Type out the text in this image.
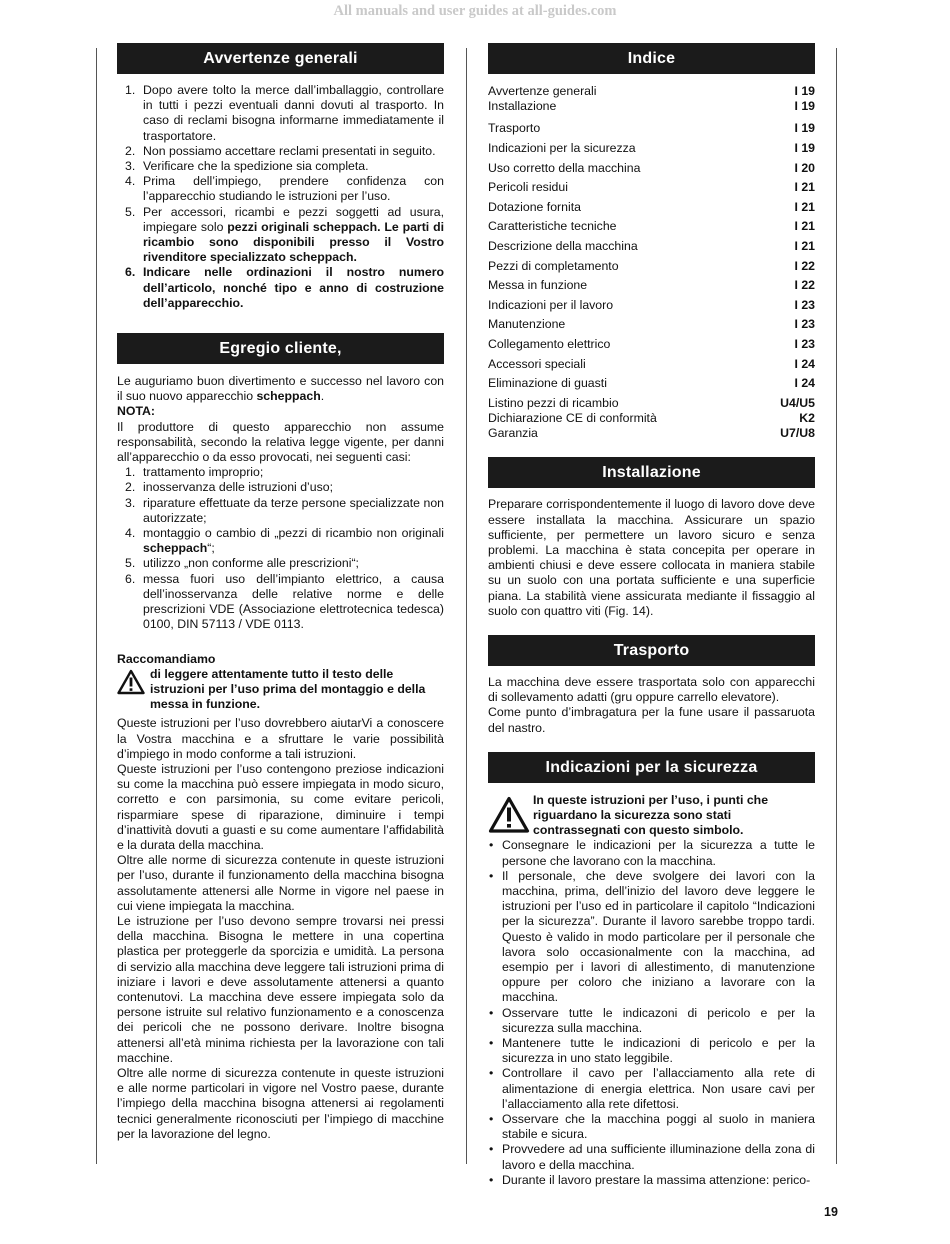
All manuals and user guides at all-guides.com
Avvertenze generali
1. Dopo avere tolto la merce dall’imballaggio, controllare in tutti i pezzi eventuali danni dovuti al trasporto. In caso di reclami bisogna informarne immediatamente il trasportatore.
2. Non possiamo accettare reclami presentati in seguito.
3. Verificare che la spedizione sia completa.
4. Prima dell’impiego, prendere confidenza con l’apparecchio studiando le istruzioni per l’uso.
5. Per accessori, ricambi e pezzi soggetti ad usura, impiegare solo pezzi originali scheppach. Le parti di ricambio sono disponibili presso il Vostro rivenditore specializzato scheppach.
6. Indicare nelle ordinazioni il nostro numero dell’articolo, nonché tipo e anno di costruzione dell’apparecchio.
Egregio cliente,

Le auguriamo buon divertimento e successo nel lavoro con il suo nuovo apparecchio scheppach.

NOTA:

Il produttore di questo apparecchio non assume responsabilità, secondo la relativa legge vigente, per danni all’apparecchio o da esso provocati, nei seguenti casi:

1. trattamento improprio;
2. inosservanza delle istruzioni d’uso;
3. riparature effettuate da terze persone specializzate non autorizzate;
4. montaggio o cambio di „pezzi di ricambio non originali scheppach“;
5. utilizzo „non conforme alle prescrizioni“;
6. messa fuori uso dell’impianto elettrico, a causa dell’inosservanza delle relative norme e delle prescrizioni VDE (Associazione elettrotecnica tedesca) 0100, DIN 57113 / VDE 0113.

Raccomandiamo

di leggere attentamente tutto il testo delle istruzioni per l’uso prima del montaggio e della messa in funzione.

Queste istruzioni per l’uso dovrebbero aiutarVi a conoscere la Vostra macchina e a sfruttare le varie possibilità d’impiego in modo conforme a tali istruzioni.

Queste istruzioni per l’uso contengono preziose indicazioni su come la macchina può essere impiegata in modo sicuro, corretto e con parsimonia, su come evitare pericoli, risparmiare spese di riparazione, diminuire i tempi d’inattività dovuti a guasti e su come aumentare l’affidabilità e la durata della macchina.

Oltre alle norme di sicurezza contenute in queste istruzioni per l’uso, durante il funzionamento della macchina bisogna assolutamente attenersi alle Norme in vigore nel paese in cui viene impiegata la macchina.

Le istruzione per l’uso devono sempre trovarsi nei pressi della macchina. Bisogna le metterе in una copertina plastica per proteggerle da sporcizia e umidità. La persona di servizio alla macchina deve leggere tali istruzioni prima di iniziare i lavori e deve assolutamente attenersi a quanto contenutovi. La macchina deve essere impiegata solo da persone istruite sul relativo funzionamento e a conoscenza dei pericoli che ne possono derivare. Inoltre bisogna attenersi all’età minima richiesta per la lavorazione con tali macchine.

Oltre alle norme di sicurezza contenute in queste istruzioni e alle norme particolari in vigore nel Vostro paese, durante l’impiego della macchina bisogna attenersi ai regolamenti tecnici generalmente riconosciuti per l’impiego di macchine per la lavorazione del legno.

Indice
Avvertenze generali	I 19
Installazione	I 19
Trasporto	I 19
Indicazioni per la sicurezza	I 19
Uso corretto della macchina	I 20
Pericoli residui	I 21
Dotazione fornita	I 21
Caratteristiche tecniche	I 21
Descrizione della macchina	I 21
Pezzi di completamento	I 22
Messa in funzione	I 22
Indicazioni per il lavoro	I 23
Manutenzione	I 23
Collegamento elettrico	I 23
Accessori speciali	I 24
Eliminazione di guasti	I 24
Listino pezzi di ricambio	U4/U5
Dichiarazione CE di conformità	K2
Garanzia	U7/U8
Installazione

Preparare corrispondentemente il luogo di lavoro dove deve essere installata la macchina. Assicurare un spazio sufficiente, per permettere un lavoro sicuro e senza problemi. La macchina è stata concepita per operare in ambienti chiusi e deve essere collocata in maniera stabile su un suolo con una portata sufficiente e una superficie piana. La stabilità viene assicurata mediante il fissaggio al suolo con quattro viti (Fig. 14).

Trasporto

La macchina deve essere trasportata solo con apparecchi di sollevamento adatti (gru oppure carrello elevatore).

Come punto d’imbragatura per la fune usare il passaruota del nastro.

Indicazioni per la sicurezza
In queste istruzioni per l’uso, i punti che riguardano la sicurezza sono stati contrassegnati con questo simbolo.
• Consegnare le indicazioni per la sicurezza a tutte le persone che lavorano con la macchina.
• Il personale, che deve svolgere dei lavori con la macchina, prima, dell’inizio del lavoro deve leggere le istruzioni per l’uso ed in particolare il capitolo “Indicazioni per la sicurezza”. Durante il lavoro sarebbe troppo tardi. Questo è valido in modo particolare per il personale che lavora solo occasionalmente con la macchina, ad esempio per i lavori di allestimento, di manutenzione oppure per coloro che iniziano a lavorare con la macchina.
• Osservare tutte le indicazoni di pericolo e per la sicurezza sulla macchina.
• Mantenere tutte le indicazioni di pericolo e per la sicurezza in uno stato leggibile.
• Controllare il cavo per l’allacciamento alla rete di alimentazione di energia elettrica. Non usare cavi per l’allacciamento alla rete difettosi.
• Osservare che la macchina poggi al suolo in maniera stabile e sicura.
• Provvedere ad una sufficiente illuminazione della zona di lavoro e della macchina.
• Durante il lavoro prestare la massima attenzione: perico-
19
